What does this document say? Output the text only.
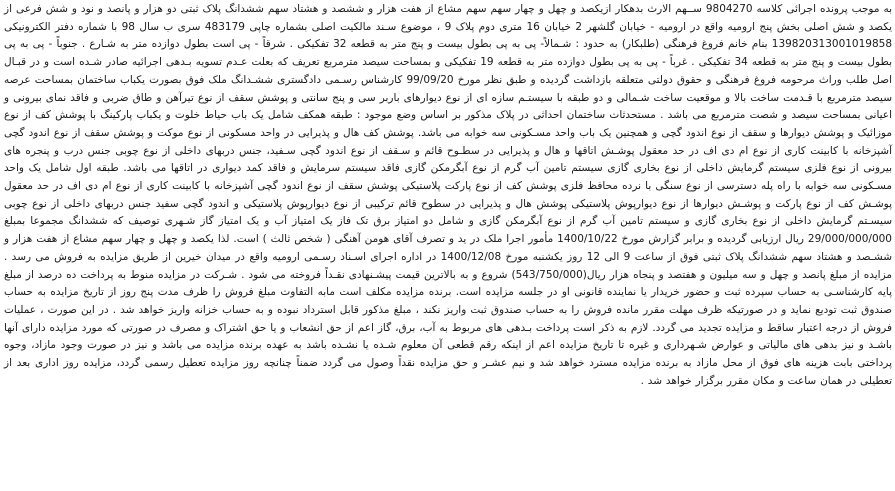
به موجب پرونده اجرائی کلاسه 9804270 ســهم الارث بدهکار ازیکصد و چهل و چهار سهم سهم مشاع از هفت هزار و ششصد و هشتاد سهم ششدانگ پلاک ثبتی دو هزار و پانصد و نود و شش فرعی از یکصد و شش اصلی بخش پنج ارومیه واقع در ارومیه - خیابان گلشهر 2 خیابان 16 متری دوم پلاک 9 ، موضوع سـند مالکیت اصلی بشماره چاپی 483179 سری ب سال 98 با شماره دفتر الکترونیکی 139820313001019858 بنام خانم فروغ فرهنگی (طلبکار) به حدود : شـمالاً- پی به پی بطول بیست و پنج متر به قطعه 32 تفکیکی . شرقاً - پی است بطول دوازده متر به شـارع . جنوباً - پی به پی بطول بیست و پنج متر به قطعه 34 تفکیکی . غرباً - پی به پی بطول دوازده متر به قطعه 19 تفکیکی و بمساحت سیصد مترمربع تعریف که بعلت عـدم تسویه بـدهی اجرائیه صادر شـده است و در قبـال اصل طلب وراث مرحومه فروغ فرهنگی و حقوق دولتی متعلقه بازداشت گردیده و طبق نظر مورخ 99/09/20 کارشناس رسـمی دادگستری ششـدانگ ملک فوق بصورت یکباب ساختمان بمساحت عرصه سیصد مترمربع با قـدمت ساخت بالا و موقعیت ساخت شـمالی و دو طبقه با سیستـم سازه ای از نوع دیوارهای باربر سی و پنج سانتی و پوشش سقف از نوع تیرآهن و طاق ضربی و فاقد نمای بیرونی و اعیانی بمساحت سیصد و شصت مترمربع می باشد . مستحدثات ساختمان احداثی در پلاک مذکور بر اساس وضع موجود : طبقه همکف شامل یک باب حیاط خلوت و یکباب پارکینگ با پوشش کف از نوع موزائیک و پوشش دیوارها و سقف از نوع اندود گچی و همچنین یک باب واحد مسـکونی سه خوابه می باشد. پوشش کف هال و پذیرایی در واحد مسکونی از نوع موکت و پوشش سقف از نوع اندود گچی آشپزخانه با کابینت کاری از نوع ام دی اف در حد معقول پوشـش اتاقها و هال و پذیرایی در سطـوح قائم و سـقف از نوع اندود گچی سـفید، جنس دربهای داخلی از نوع چوبی جنس درب و پنجره های بیرونی از نوع فلزی سیستم گرمایش داخلی از نوع بخاری گازی سیستم تامین آب گرم از نوع آبگرمکن گازی فاقد سیستم سرمایش و فاقد کمد دیواری در اتاقها می باشد. طبقه اول شامل یک واحد مسـکونی سه خوابه با راه پله دسترسی از نوع سنگی با نرده محافظ فلزی پوشش کف از نوع پارکت پلاستیکی پوشش سقف از نوع اندود گچی آشپزخانه با کابینت کاری از نوع ام دی اف در حد معقول پوشـش کف از نوع پارکت و پوشـش دیوارها از نوع دیوارپوش پلاستیکی پوشش هال و پذیرایی در سطوح قائم ترکیبی از نوع دیوارپوش پلاستیکی و اندود گچی سفید جنس دربهای داخلی از نوع چوبی سیسـتم گرمایش داخلی از نوع بخاری گازی و سیستم تامین آب گرم از نوع آبگرمکن گازی و شامل دو امتیاز برق تک فاز یک امتیاز آب و یک امتیاز گاز شـهری توصیف که ششدانگ مجموعا بمبلغ 29/000/000/000 ریال ارزیابی گردیده و برابر گزارش مورخ 1400/10/22 مأمور اجرا ملک در ید و تصرف آقای هومن آهنگی ( شخص ثالث ) است. لذا یکصد و چهل و چهار سهم مشاع از هفت هزار و ششـصد و هشتاد سهم ششدانگ پلاک ثبتی فوق از ساعت 9 الی 12 روز یکشنبه مورخ 1400/12/08 در اداره اجرای اسـناد رسـمی ارومیه واقع در میدان خیرین از طریق مزایده به فروش می رسد . مزایده از مبلغ پانصد و چهل و سه میلیون و هفتصد و پنجاه هزار ریال(543/750/000) شروع و به بالاترین قیمت پیشـنهادی نقـداً فروخته می شود . شـرکت در مزایده منوط به پرداخت ده درصد از مبلغ پایه کارشناسـی به حساب سپرده ثبت و حضور خریدار یا نماینده قانونی او در جلسه مزایده است. برنده مزایده مکلف است مابه التفاوت مبلغ فروش را ظرف مدت پنج روز از تاریخ مزایده به حساب صندوق ثبت تودیع نماید و در صورتیکه ظرف مهلت مقرر مانده فروش را به حساب صندوق ثبت واریز نکند ، مبلغ مذکور قابل استرداد نبوده و به حساب خزانه واریز خواهد شد . در این صورت ، عملیات فروش از درجه اعتبار ساقط و مزایده تجدید می گردد. لازم به ذکر است پرداخت بـدهی های مربوط به آب، برق، گاز اعم از حق انشعاب و یا حق اشتراک و مصرف در صورتی که مورد مزایده دارای آنها باشـد و نیز بدهی های مالیاتی و عوارض شـهرداری و غیره تا تاریخ مزایده اعم از اینکه رقم قطعی آن معلوم شـده یا نشـده باشد به عهده برنده مزایده می باشد و نیز در صورت وجود مازاد، وجوه پرداختی بابت هزینه های فوق از محل مازاد به برنده مزایده مسترد خواهد شد و نیم عشـر و حق مزایده نقداً وصول می گردد ضمناً چنانچه روز مزایده تعطیل رسمی گردد، مزایده روز اداری بعد از تعطیلی در همان ساعت و مکان مقرر برگزار خواهد شد .
